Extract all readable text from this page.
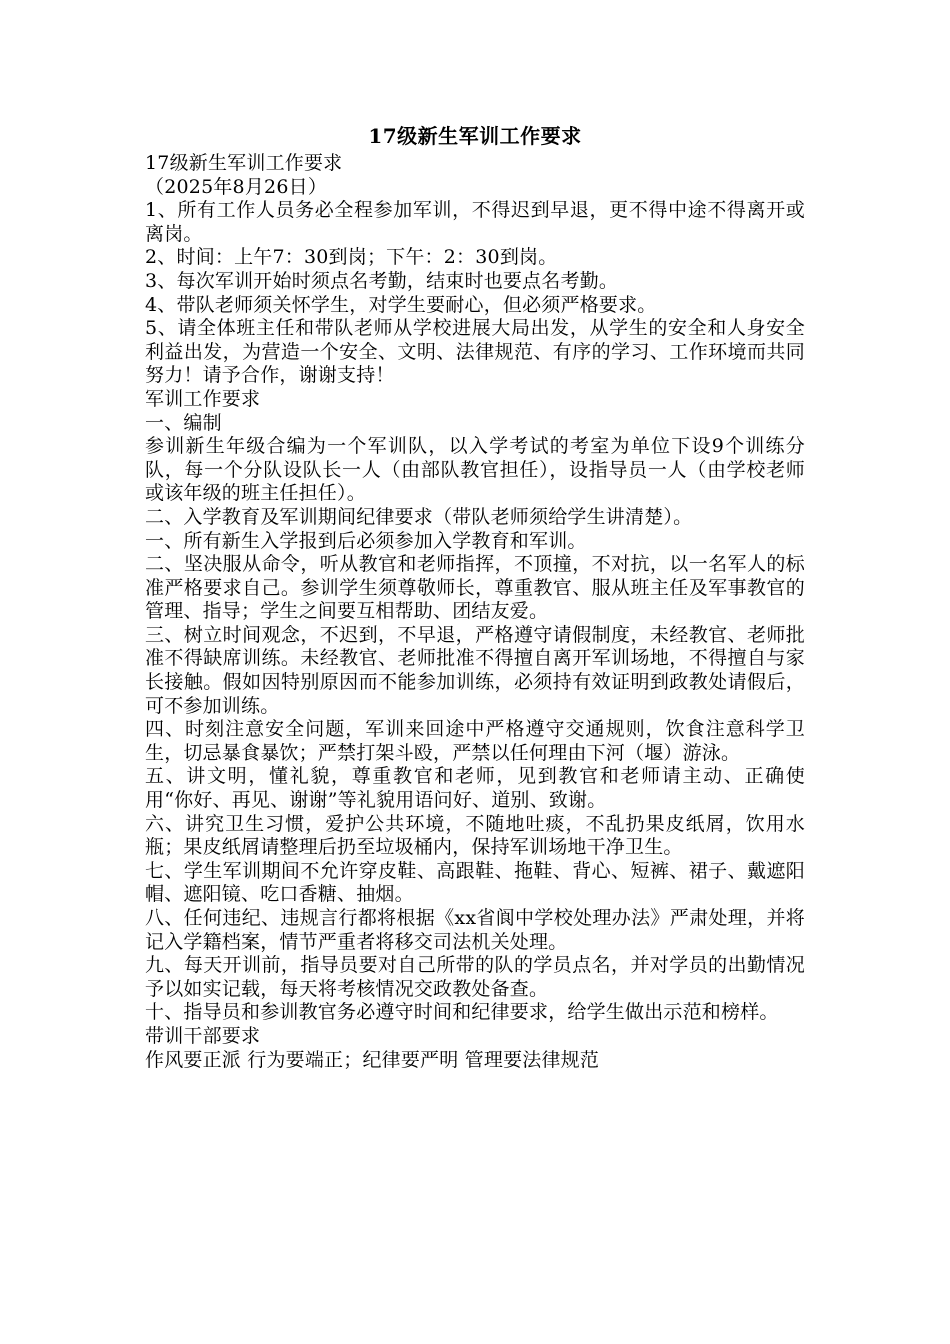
17级新生军训工作要求

17级新生军训工作要求

（2025年8月26日）

1、所有工作人员务必全程参加军训，不得迟到早退，更不得中途不得离开或离岗。

2、时间：上午7：30到岗；下午：2：30到岗。

3、每次军训开始时须点名考勤，结束时也要点名考勤。

4、带队老师须关怀学生，对学生要耐心，但必须严格要求。

5、请全体班主任和带队老师从学校进展大局出发，从学生的安全和人身安全利益出发，为营造一个安全、文明、法律规范、有序的学习、工作环境而共同努力！请予合作，谢谢支持！

军训工作要求

一、编制

参训新生年级合编为一个军训队，以入学考试的考室为单位下设9个训练分队，每一个分队设队长一人（由部队教官担任），设指导员一人（由学校老师或该年级的班主任担任）。

二、入学教育及军训期间纪律要求（带队老师须给学生讲清楚）。

一、所有新生入学报到后必须参加入学教育和军训。

二、坚决服从命令，听从教官和老师指挥，不顶撞，不对抗，以一名军人的标准严格要求自己。参训学生须尊敬师长，尊重教官、服从班主任及军事教官的管理、指导；学生之间要互相帮助、团结友爱。

三、树立时间观念，不迟到，不早退，严格遵守请假制度，未经教官、老师批准不得缺席训练。未经教官、老师批准不得擅自离开军训场地，不得擅自与家长接触。假如因特别原因而不能参加训练，必须持有效证明到政教处请假后，可不参加训练。

四、时刻注意安全问题，军训来回途中严格遵守交通规则，饮食注意科学卫生，切忌暴食暴饮；严禁打架斗殴，严禁以任何理由下河（堰）游泳。

五、讲文明，懂礼貌，尊重教官和老师，见到教官和老师请主动、正确使用“你好、再见、谢谢”等礼貌用语问好、道别、致谢。

六、讲究卫生习惯，爱护公共环境，不随地吐痰，不乱扔果皮纸屑，饮用水瓶；果皮纸屑请整理后扔至垃圾桶内，保持军训场地干净卫生。

七、学生军训期间不允许穿皮鞋、高跟鞋、拖鞋、背心、短裤、裙子、戴遮阳帽、遮阳镜、吃口香糖、抽烟。

八、任何违纪、违规言行都将根据《xx省阆中学校处理办法》严肃处理，并将记入学籍档案，情节严重者将移交司法机关处理。

九、每天开训前，指导员要对自己所带的队的学员点名，并对学员的出勤情况予以如实记载，每天将考核情况交政教处备查。

十、指导员和参训教官务必遵守时间和纪律要求，给学生做出示范和榜样。

带训干部要求

作风要正派 行为要端正；纪律要严明 管理要法律规范
